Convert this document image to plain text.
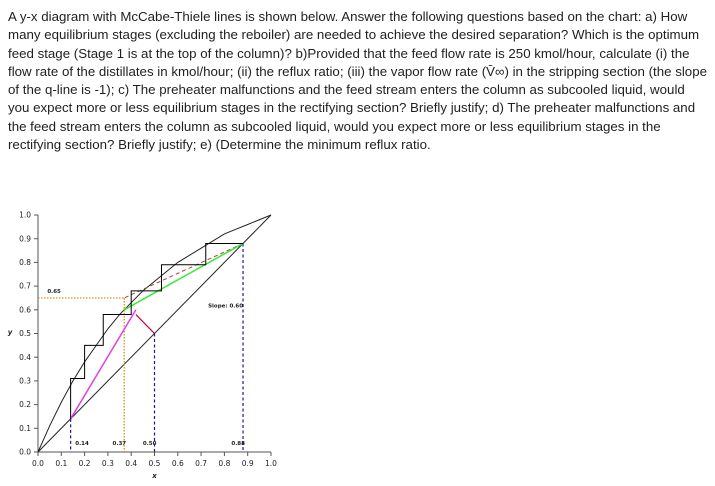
A y-x diagram with McCabe-Thiele lines is shown below. Answer the following questions based on the chart: a) How many equilibrium stages (excluding the reboiler) are needed to achieve the desired separation? Which is the optimum feed stage (Stage 1 is at the top of the column)? b)Provided that the feed flow rate is 250 kmol/hour, calculate (i) the flow rate of the distillates in kmol/hour; (ii) the reflux ratio; (iii) the vapor flow rate (V̄∞) in the stripping section (the slope of the q-line is -1); c) The preheater malfunctions and the feed stream enters the column as subcooled liquid, would you expect more or less equilibrium stages in the rectifying section? Briefly justify; d) The preheater malfunctions and the feed stream enters the column as subcooled liquid, would you expect more or less equilibrium stages in the rectifying section? Briefly justify; e) (Determine the minimum reflux ratio.

0.0 0.1 0.2 0.3 0.4 0.5 0.6 0.7 0.8 0.9 1.0
0.0
0.1
0.2
0.3
0.4
0.5
0.6
0.7
0.8
0.9
1.0
x
y
0.65
Slope: 0.60
0.14	0.37	0.50	0.88
